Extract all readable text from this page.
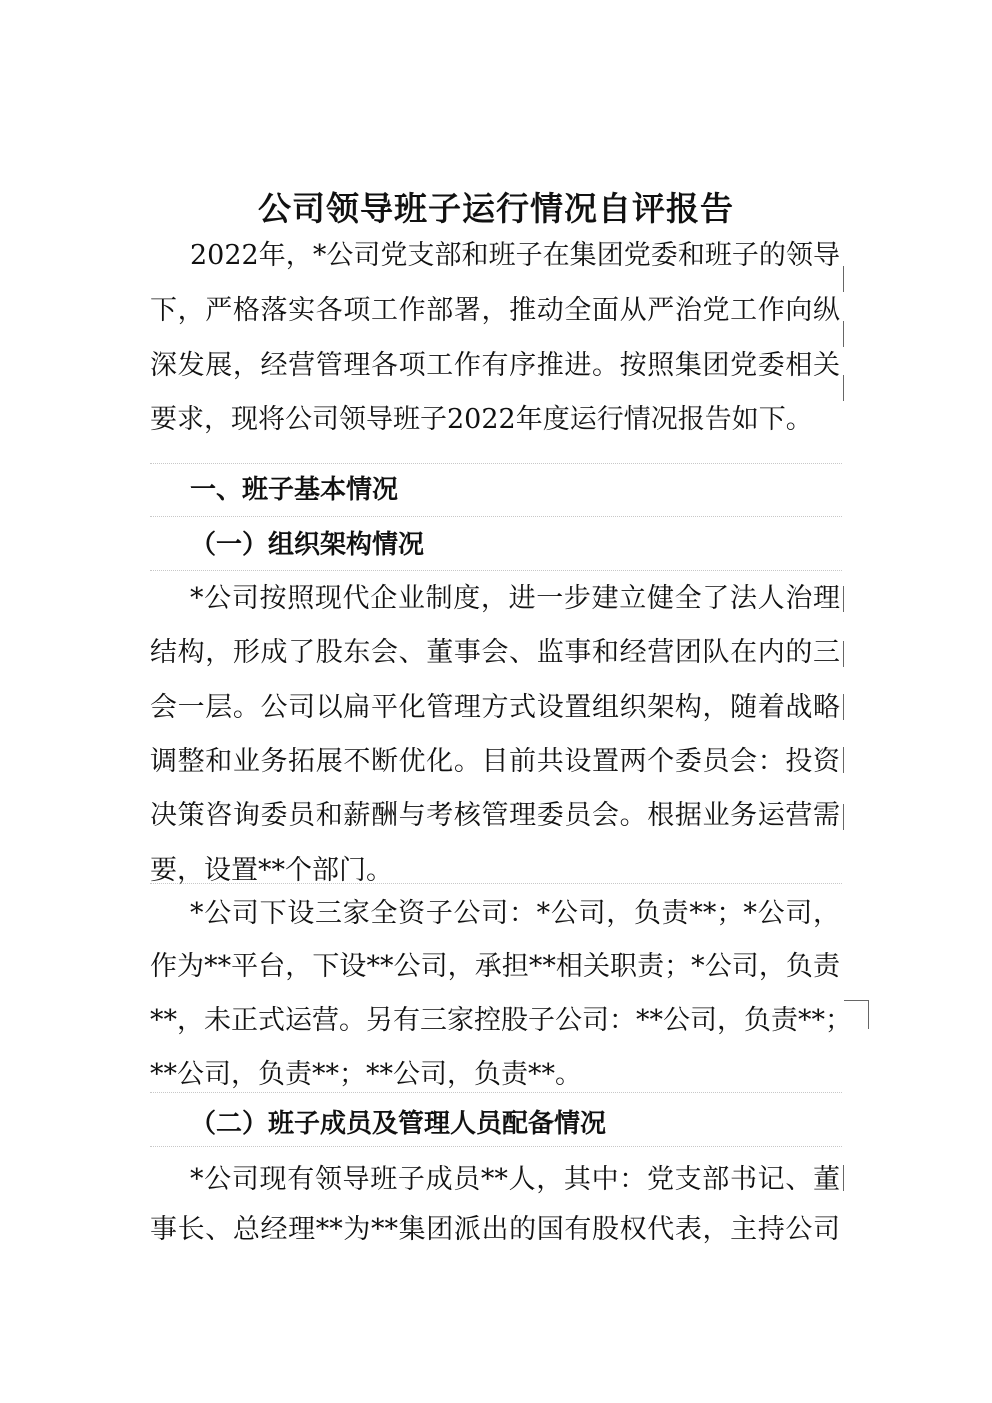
公司领导班子运行情况自评报告
2022年，*公司党支部和班子在集团党委和班子的领导
下，严格落实各项工作部署，推动全面从严治党工作向纵
深发展，经营管理各项工作有序推进。按照集团党委相关
要求，现将公司领导班子2022年度运行情况报告如下。
一、班子基本情况
（一）组织架构情况
*公司按照现代企业制度，进一步建立健全了法人治理
结构，形成了股东会、董事会、监事和经营团队在内的三
会一层。公司以扁平化管理方式设置组织架构，随着战略
调整和业务拓展不断优化。目前共设置两个委员会：投资
决策咨询委员和薪酬与考核管理委员会。根据业务运营需
要，设置**个部门。
*公司下设三家全资子公司：*公司，负责**；*公司，
作为**平台，下设**公司，承担**相关职责；*公司，负责
**，未正式运营。另有三家控股子公司：**公司，负责**；
**公司，负责**；**公司，负责**。
（二）班子成员及管理人员配备情况
*公司现有领导班子成员**人，其中：党支部书记、董
事长、总经理**为**集团派出的国有股权代表，主持公司
